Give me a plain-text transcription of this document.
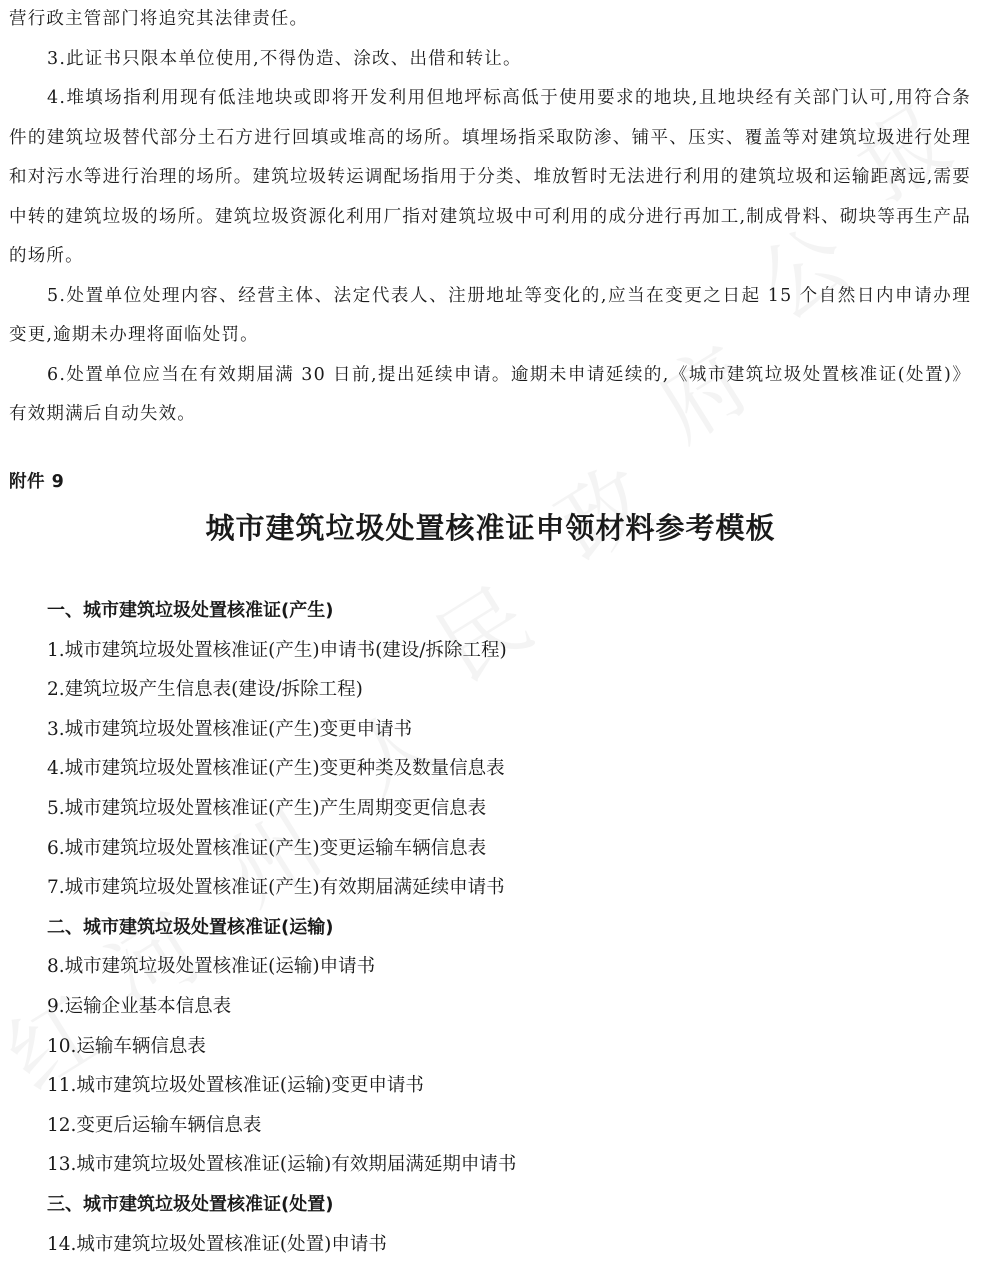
营行政主管部门将追究其法律责任。

3.此证书只限本单位使用,不得伪造、涂改、出借和转让。

4.堆填场指利用现有低洼地块或即将开发利用但地坪标高低于使用要求的地块,且地块经有关部门认可,用符合条件的建筑垃圾替代部分土石方进行回填或堆高的场所。填埋场指采取防渗、铺平、压实、覆盖等对建筑垃圾进行处理和对污水等进行治理的场所。建筑垃圾转运调配场指用于分类、堆放暂时无法进行利用的建筑垃圾和运输距离远,需要中转的建筑垃圾的场所。建筑垃圾资源化利用厂指对建筑垃圾中可利用的成分进行再加工,制成骨料、砌块等再生产品的场所。

5.处置单位处理内容、经营主体、法定代表人、注册地址等变化的,应当在变更之日起 15 个自然日内申请办理变更,逾期未办理将面临处罚。

6.处置单位应当在有效期届满 30 日前,提出延续申请。逾期未申请延续的,《城市建筑垃圾处置核准证(处置)》有效期满后自动失效。

附件 9
城市建筑垃圾处置核准证申领材料参考模板
一、城市建筑垃圾处置核准证(产生)
1.城市建筑垃圾处置核准证(产生)申请书(建设/拆除工程)
2.建筑垃圾产生信息表(建设/拆除工程)
3.城市建筑垃圾处置核准证(产生)变更申请书
4.城市建筑垃圾处置核准证(产生)变更种类及数量信息表
5.城市建筑垃圾处置核准证(产生)产生周期变更信息表
6.城市建筑垃圾处置核准证(产生)变更运输车辆信息表
7.城市建筑垃圾处置核准证(产生)有效期届满延续申请书
二、城市建筑垃圾处置核准证(运输)
8.城市建筑垃圾处置核准证(运输)申请书
9.运输企业基本信息表
10.运输车辆信息表
11.城市建筑垃圾处置核准证(运输)变更申请书
12.变更后运输车辆信息表
13.城市建筑垃圾处置核准证(运输)有效期届满延期申请书
三、城市建筑垃圾处置核准证(处置)
14.城市建筑垃圾处置核准证(处置)申请书
